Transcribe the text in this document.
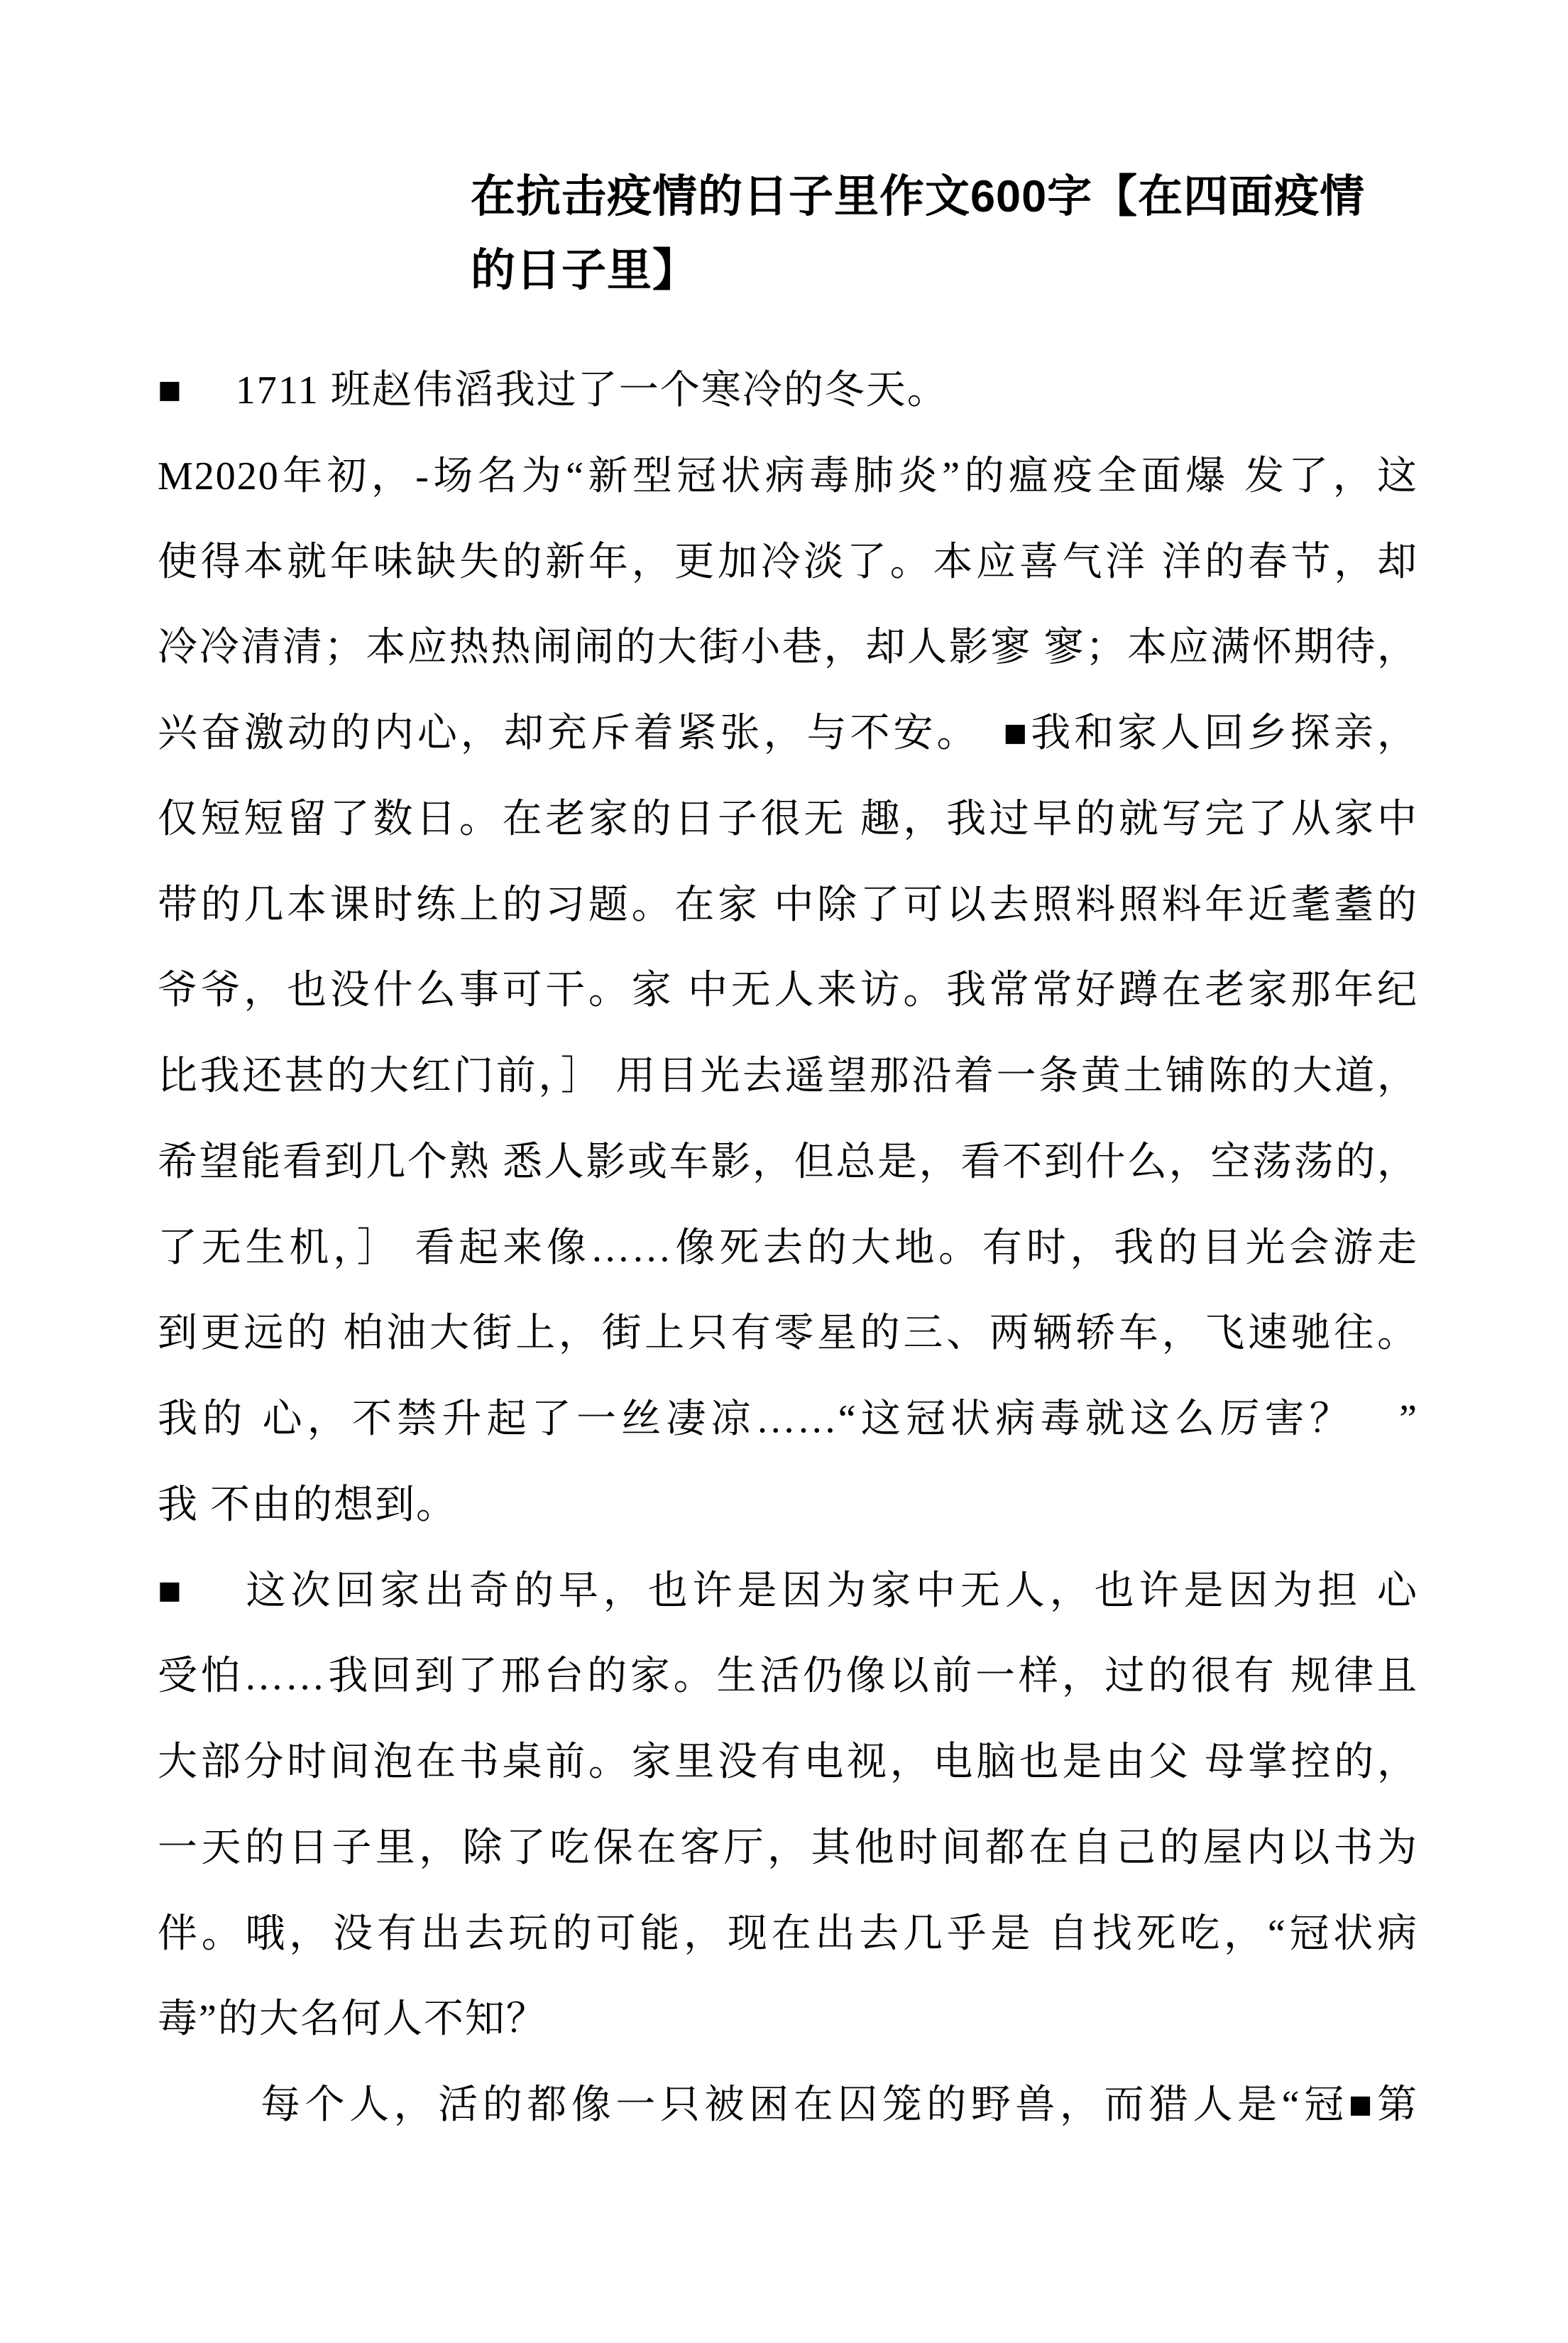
在抗击疫情的日子里作文600字【在四面疫情
的日子里】
■　 1711 班赵伟滔我过了一个寒冷的冬天。
M2020年初，-场名为“新型冠状病毒肺炎”的瘟疫全面爆 发了，这
使得本就年味缺失的新年，更加冷淡了。本应喜气洋 洋的春节，却
冷冷清清；本应热热闹闹的大街小巷，却人影寥 寥；本应满怀期待，
兴奋激动的内心，却充斥着紧张，与不安。　■我和家人回乡探亲，
仅短短留了数日。在老家的日子很无 趣，我过早的就写完了从家中
带的几本课时练上的习题。在家 中除了可以去照料照料年近耄耋的
爷爷，也没什么事可干。家 中无人来访。我常常好蹲在老家那年纪
比我还甚的大红门前，］ 用目光去遥望那沿着一条黄土铺陈的大道，
希望能看到几个熟 悉人影或车影，但总是，看不到什么，空荡荡的，
了无生机，］ 看起来像……像死去的大地。有时，我的目光会游走
到更远的 柏油大街上，街上只有零星的三、两辆轿车，飞速驰往。
我的 心，不禁升起了一丝凄凉……“这冠状病毒就这么厉害？　”
我 不由的想到。
■　 这次回家出奇的早，也许是因为家中无人，也许是因为担 心
受怕……我回到了邢台的家。生活仍像以前一样，过的很有 规律且
大部分时间泡在书桌前。家里没有电视，电脑也是由父 母掌控的，
一天的日子里，除了吃保在客厅，其他时间都在自己的屋内以书为
伴。哦，没有出去玩的可能，现在出去几乎是 自找死吃，“冠状病
毒”的大名何人不知？
每个人，活的都像一只被困在囚笼的野兽，而猎人是“冠■第
